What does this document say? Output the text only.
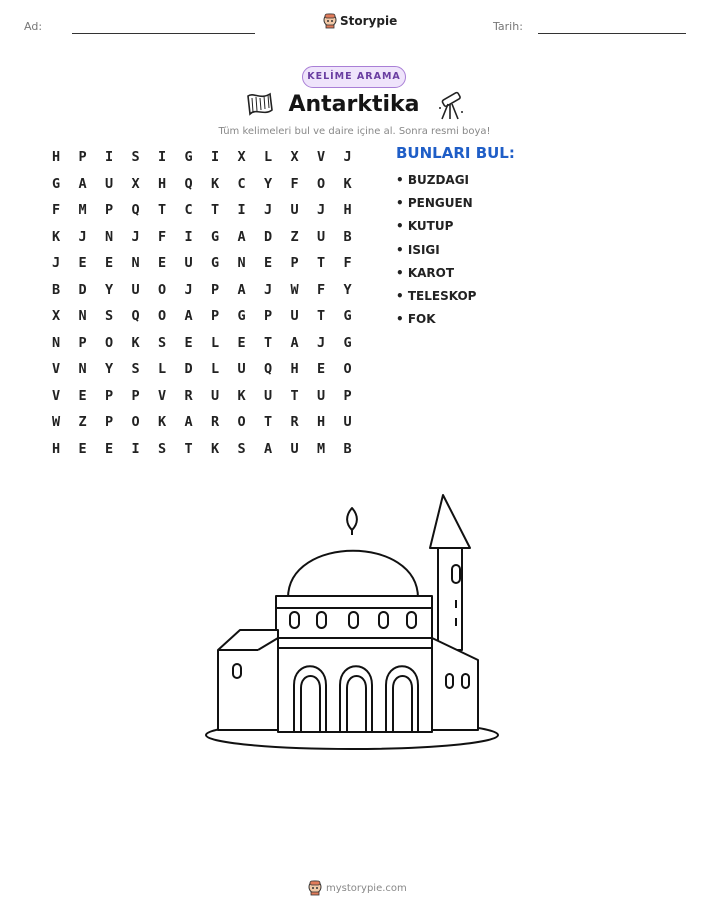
Ad:	Storypie	Tarih:
KELİME ARAMA
Antarktika
Tüm kelimeleri bul ve daire içine al. Sonra resmi boya!
H	P	I	S	I	G	I	X	L	X	V	J
G	A	U	X	H	Q	K	C	Y	F	O	K
F	M	P	Q	T	C	T	I	J	U	J	H
K	J	N	J	F	I	G	A	D	Z	U	B
J	E	E	N	E	U	G	N	E	P	T	F
B	D	Y	U	O	J	P	A	J	W	F	Y
X	N	S	Q	O	A	P	G	P	U	T	G
N	P	O	K	S	E	L	E	T	A	J	G
V	N	Y	S	L	D	L	U	Q	H	E	O
V	E	P	P	V	R	U	K	U	T	U	P
W	Z	P	O	K	A	R	O	T	R	H	U
H	E	E	I	S	T	K	S	A	U	M	B
BUNLARI BUL:
• BUZDAGI
• PENGUEN
• KUTUP
• ISIGI
• KAROT
• TELESKOP
• FOK
mystorypie.com
